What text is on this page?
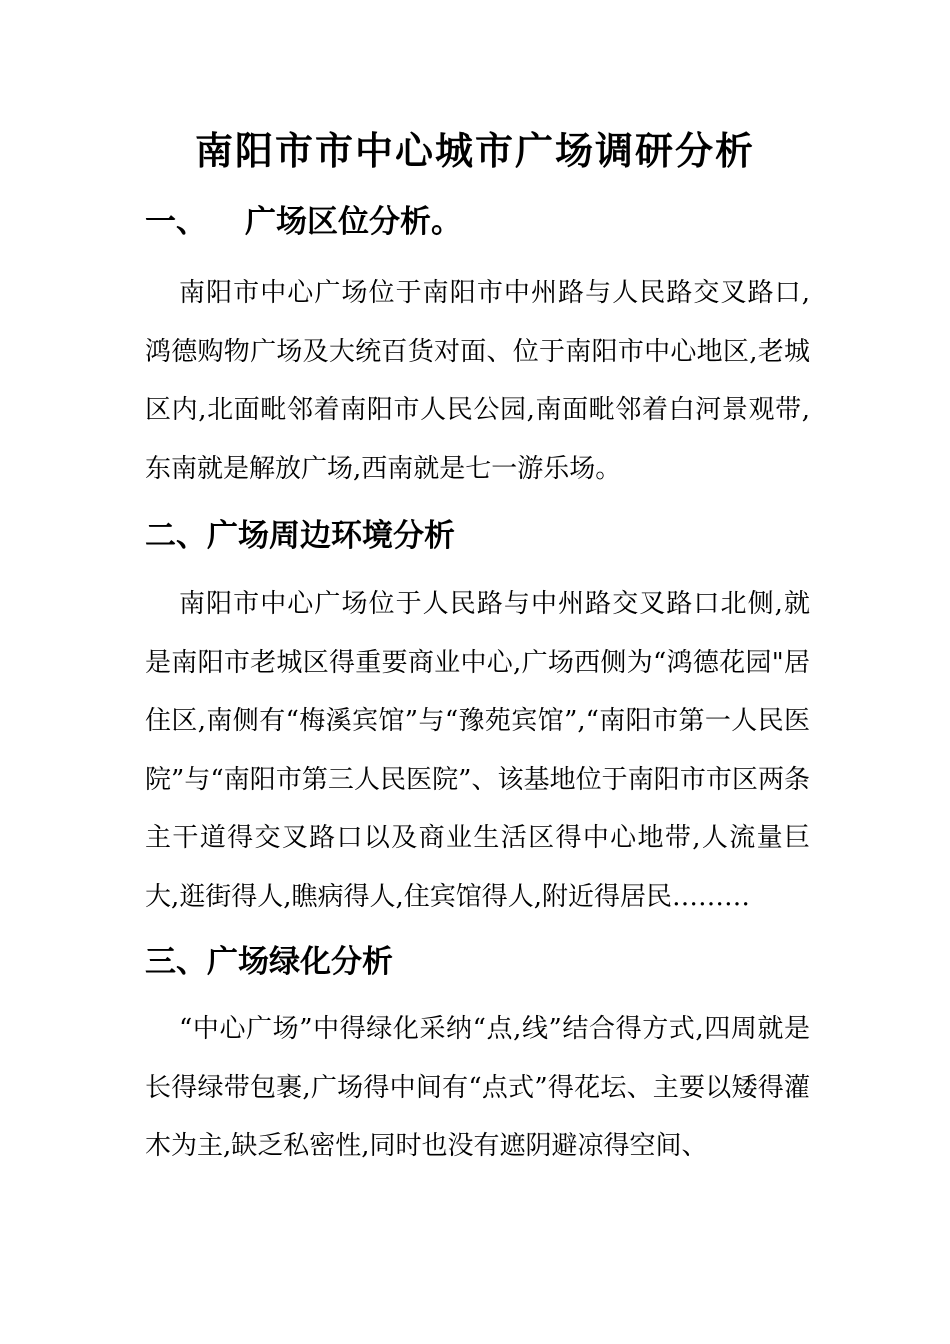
南阳市市中心城市广场调研分析
一、 广场区位分析。

南阳市中心广场位于南阳市中州路与人民路交叉路口,鸿德购物广场及大统百货对面、位于南阳市中心地区,老城区内,北面毗邻着南阳市人民公园,南面毗邻着白河景观带,东南就是解放广场,西南就是七一游乐场。

二、广场周边环境分析

南阳市中心广场位于人民路与中州路交叉路口北侧,就是南阳市老城区得重要商业中心,广场西侧为“鸿德花园"居住区,南侧有“梅溪宾馆”与“豫苑宾馆”,“南阳市第一人民医院”与“南阳市第三人民医院”、该基地位于南阳市市区两条主干道得交叉路口以及商业生活区得中心地带,人流量巨大,逛街得人,瞧病得人,住宾馆得人,附近得居民………

三、广场绿化分析

“中心广场”中得绿化采纳“点,线”结合得方式,四周就是长得绿带包裹,广场得中间有“点式”得花坛、主要以矮得灌木为主,缺乏私密性,同时也没有遮阴避凉得空间、
